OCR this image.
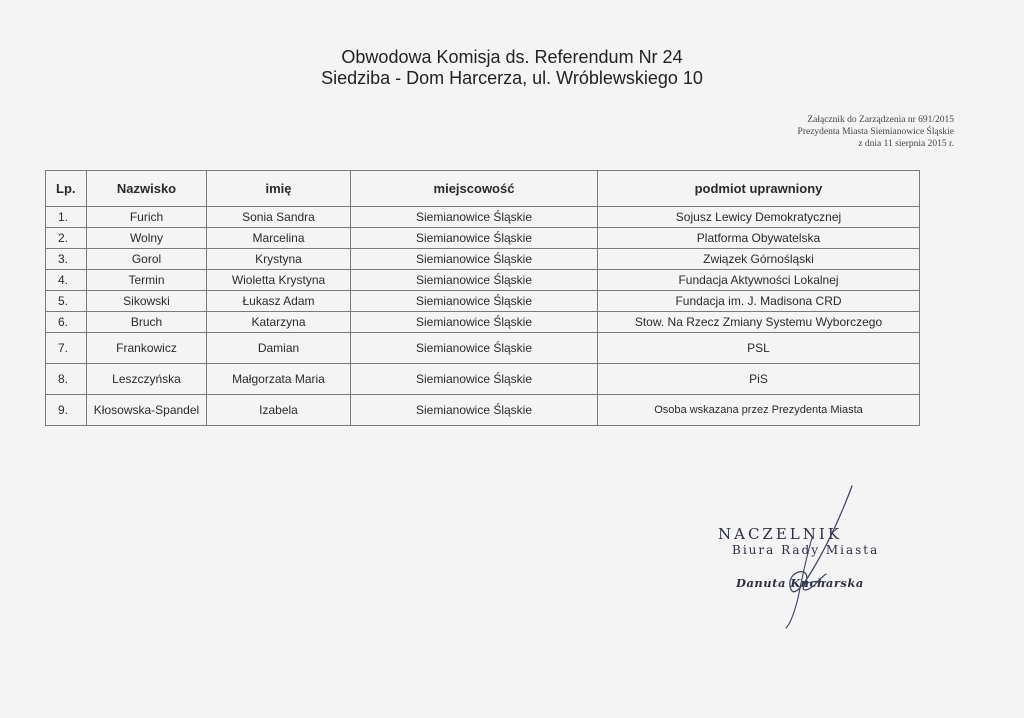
Obwodowa Komisja ds. Referendum Nr 24
Siedziba - Dom Harcerza, ul. Wróblewskiego 10
Załącznik do Zarządzenia nr 691/2015
Prezydenta Miasta Siemianowice Śląskie
z dnia 11 sierpnia 2015 r.
Lp.	Nazwisko	imię	miejscowość	podmiot uprawniony
1.	Furich	Sonia Sandra	Siemianowice Śląskie	Sojusz Lewicy Demokratycznej
2.	Wolny	Marcelina	Siemianowice Śląskie	Platforma Obywatelska
3.	Gorol	Krystyna	Siemianowice Śląskie	Związek Górnośląski
4.	Termin	Wioletta Krystyna	Siemianowice Śląskie	Fundacja Aktywności Lokalnej
5.	Sikowski	Łukasz Adam	Siemianowice Śląskie	Fundacja im. J. Madisona CRD
6.	Bruch	Katarzyna	Siemianowice Śląskie	Stow. Na Rzecz Zmiany Systemu Wyborczego
7.	Frankowicz	Damian	Siemianowice Śląskie	PSL
8.	Leszczyńska	Małgorzata Maria	Siemianowice Śląskie	PiS
9.	Kłosowska-Spandel	Izabela	Siemianowice Śląskie	Osoba wskazana przez Prezydenta Miasta
NACZELNIK
Biura Rady Miasta
Danuta Kucharska
